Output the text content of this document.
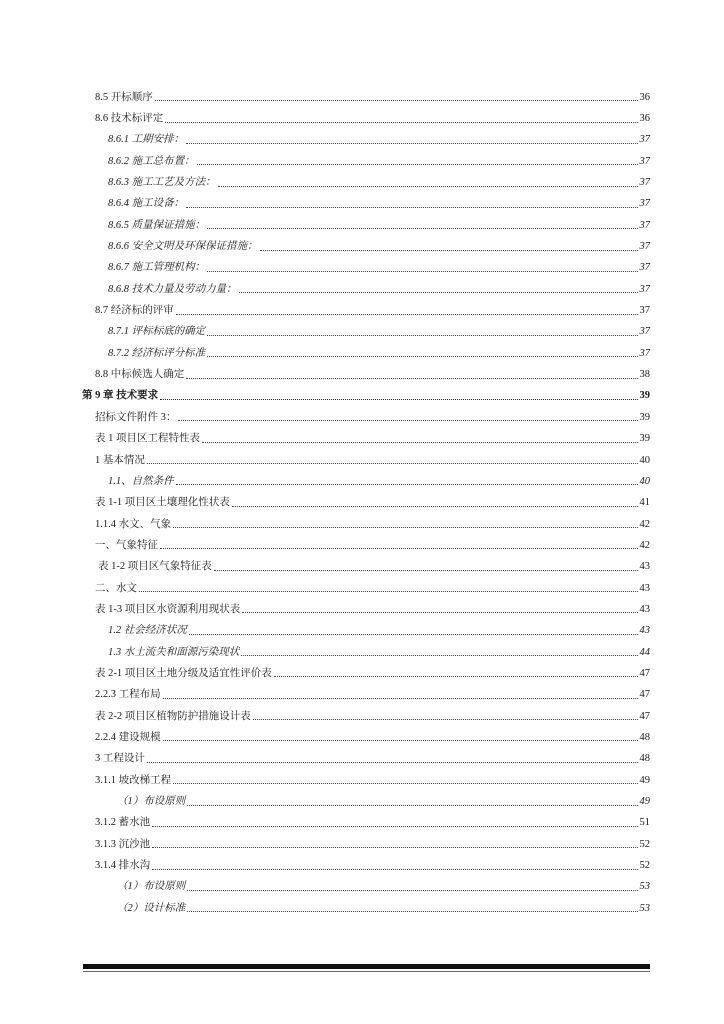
8.5 开标顺序	36
8.6 技术标评定	36
8.6.1 工期安排：	37
8.6.2 施工总布置：	37
8.6.3 施工工艺及方法：	37
8.6.4 施工设备：	37
8.6.5 质量保证措施：	37
8.6.6 安全文明及环保保证措施：	37
8.6.7 施工管理机构：	37
8.6.8 技术力量及劳动力量：	37
8.7 经济标的评审	37
8.7.1 评标标底的确定	37
8.7.2 经济标评分标准	37
8.8 中标候选人确定	38
第 9 章 技术要求	39
招标文件附件 3：	39
表 1 项目区工程特性表	39
1 基本情况	40
1.1、自然条件	40
表 1-1 项目区土壤理化性状表	41
1.1.4 水文、气象	42
一、气象特征	42
表 1-2 项目区气象特征表	43
二、水文	43
表 1-3 项目区水资源利用现状表	43
1.2 社会经济状况	43
1.3 水土流失和面源污染现状	44
表 2-1 项目区土地分级及适宜性评价表	47
2.2.3 工程布局	47
表 2-2 项目区植物防护措施设计表	47
2.2.4 建设规模	48
3 工程设计	48
3.1.1 坡改梯工程	49
（1）布设原则	49
3.1.2 蓄水池	51
3.1.3 沉沙池	52
3.1.4 排水沟	52
（1）布设原则	53
（2）设计标准	53
